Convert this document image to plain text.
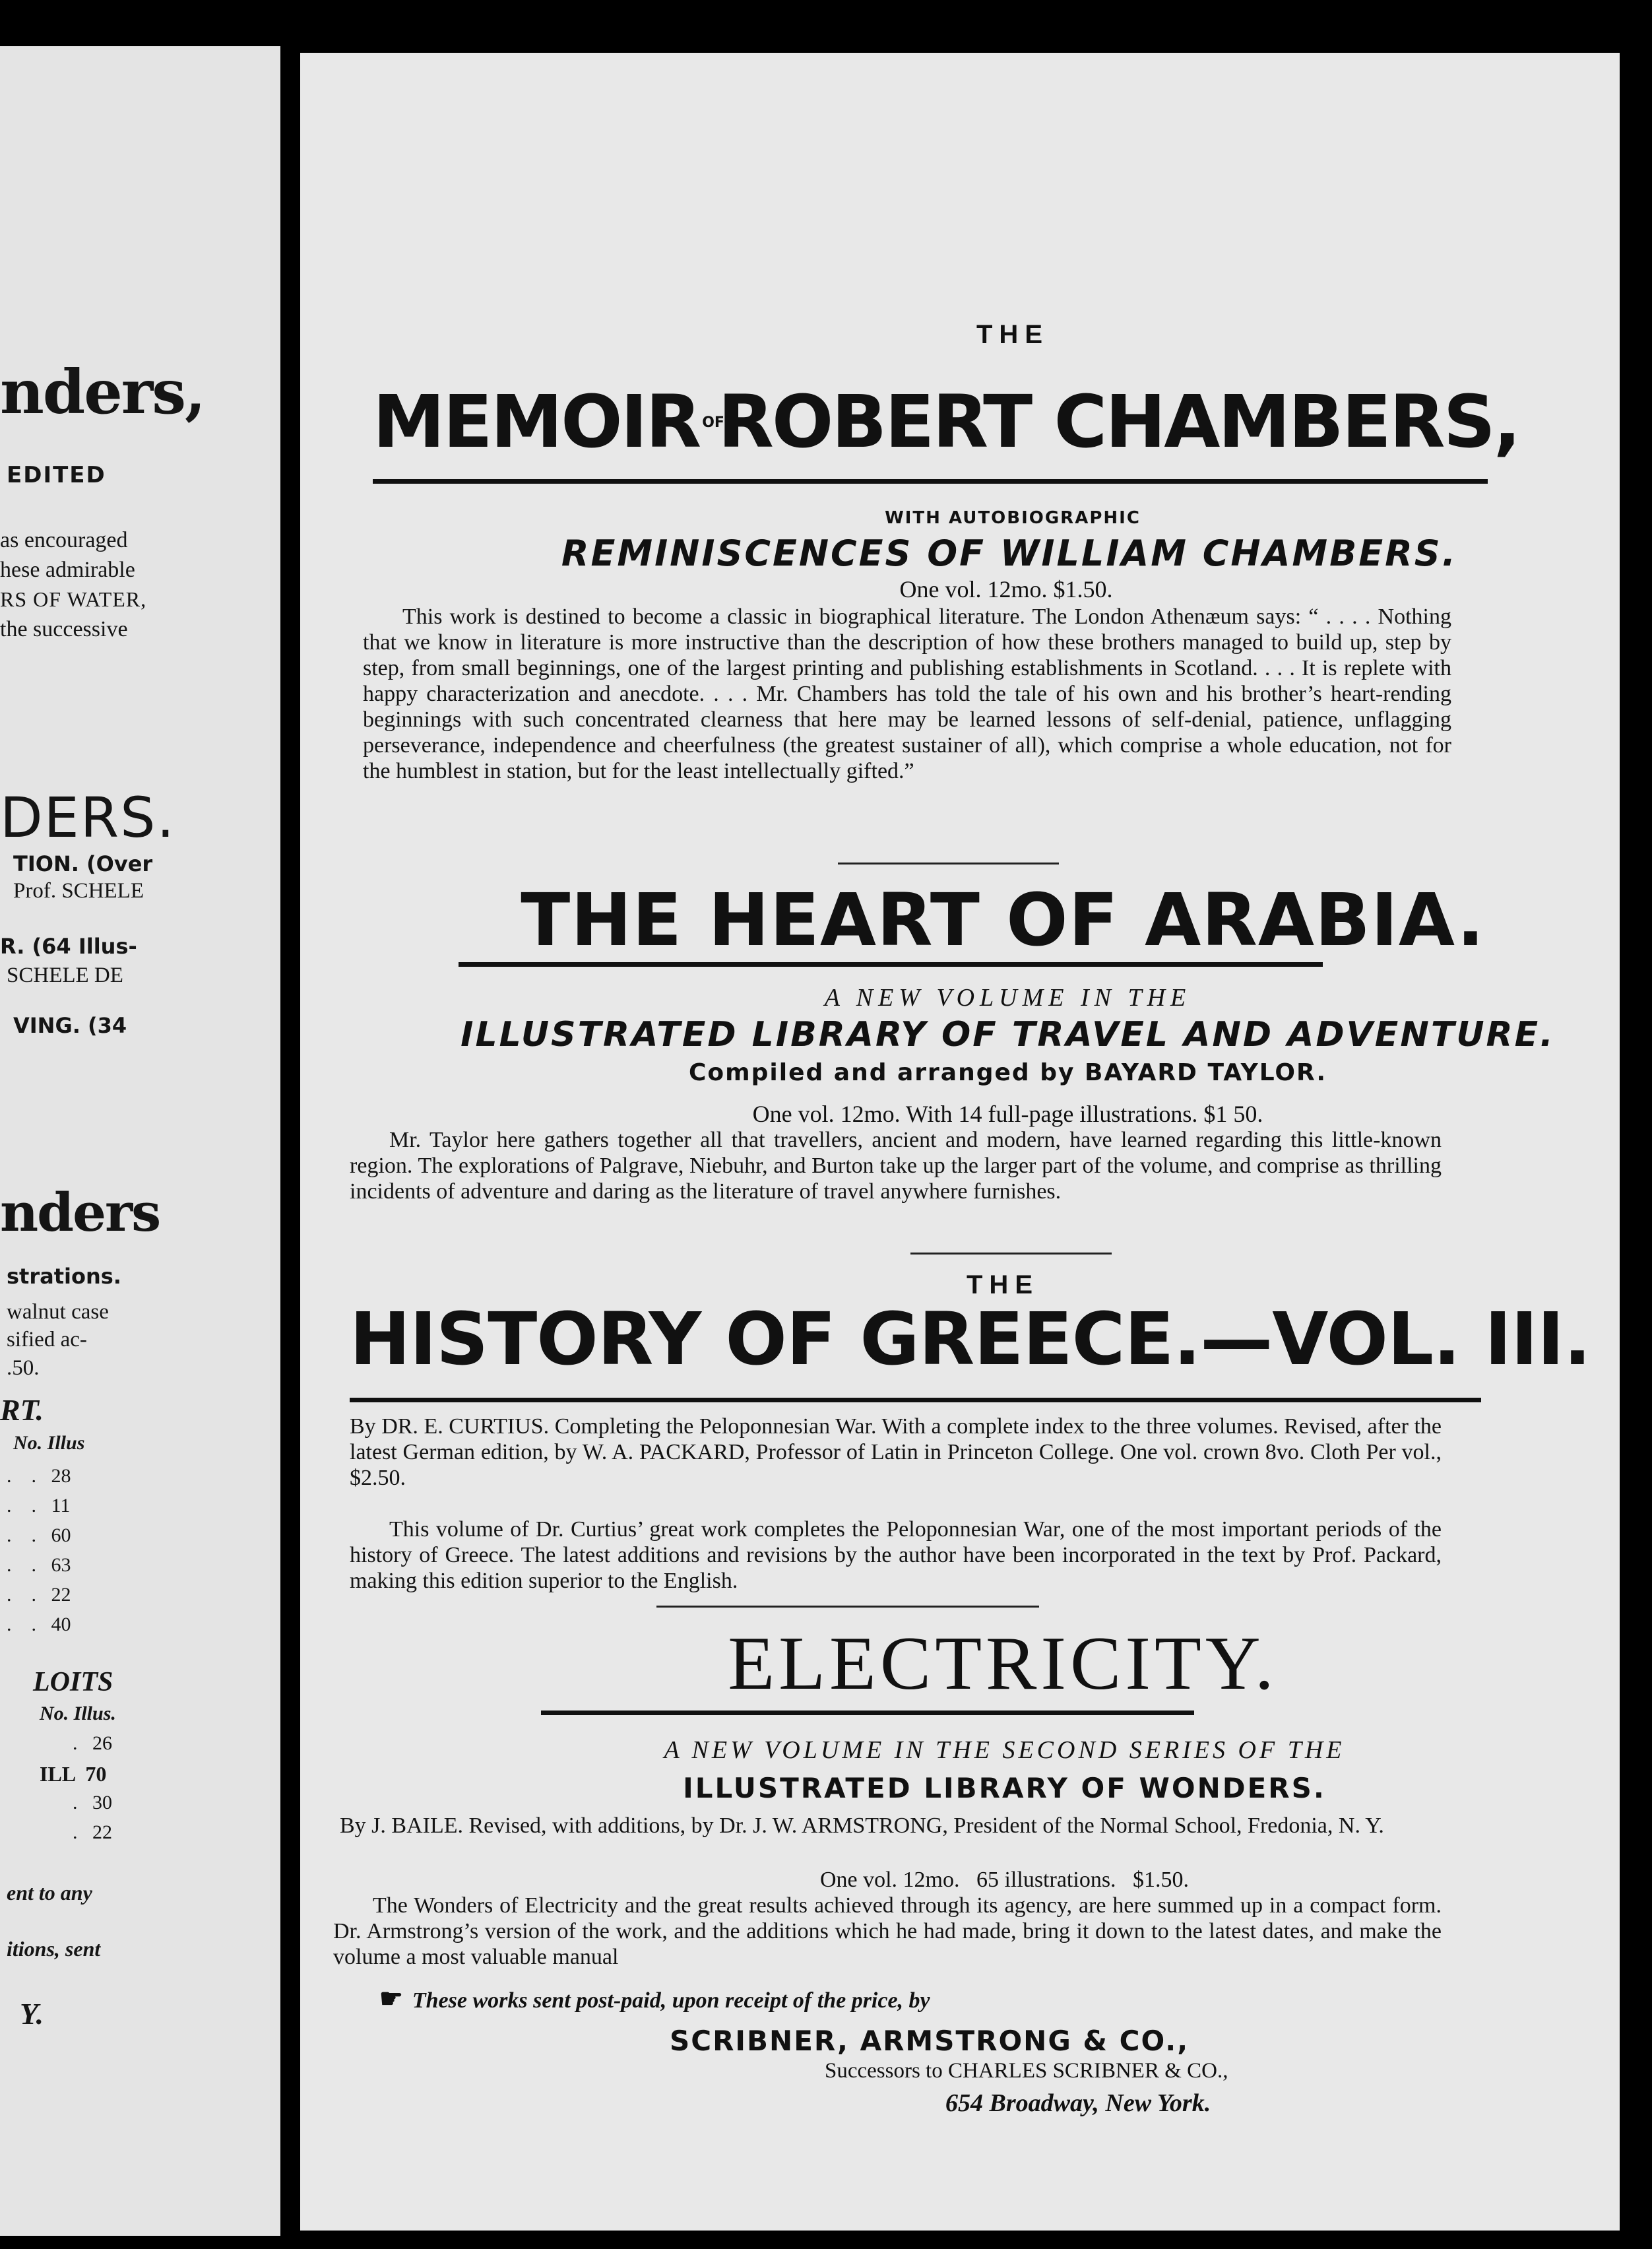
nders,
EDITED
as encouraged
hese admirable
RS OF WATER,
the successive
DERS.
TION. (Over
Prof. SCHELE
R. (64 Illus-
SCHELE DE
VING. (34
nders
strations.
walnut case
sified ac-
.50.
RT.
No. Illus
.    .   28
.    .   11
.    .   60
.    .   63
.    .   22
.    .   40
LOITS
No. Illus.
.   26
ILL  70
.   30
.   22
ent to any
itions, sent
Y.
THE
MEMOIR OF ROBERT CHAMBERS,
WITH AUTOBIOGRAPHIC
REMINISCENCES OF WILLIAM CHAMBERS.
One vol. 12mo. $1.50.

This work is destined to become a classic in biographical literature. The London Athenæum says: “ . . . . Nothing that we know in literature is more instructive than the description of how these brothers managed to build up, step by step, from small beginnings, one of the largest printing and publishing establishments in Scotland. . . . It is replete with happy characterization and anecdote. . . . Mr. Chambers has told the tale of his own and his brother’s heart-rending beginnings with such concentrated clearness that here may be learned lessons of self-denial, patience, unflagging perseverance, independence and cheerfulness (the greatest sustainer of all), which comprise a whole education, not for the humblest in station, but for the least intellectually gifted.”

THE HEART OF ARABIA.
A NEW VOLUME IN THE
ILLUSTRATED LIBRARY OF TRAVEL AND ADVENTURE.
Compiled and arranged by BAYARD TAYLOR.
One vol. 12mo. With 14 full-page illustrations. $1 50.

Mr. Taylor here gathers together all that travellers, ancient and modern, have learned regarding this little-known region. The explorations of Palgrave, Niebuhr, and Burton take up the larger part of the volume, and comprise as thrilling incidents of adventure and daring as the literature of travel anywhere furnishes.

THE
HISTORY OF GREECE.—VOL. III.

By DR. E. CURTIUS. Completing the Peloponnesian War. With a complete index to the three volumes. Revised, after the latest German edition, by W. A. PACKARD, Professor of Latin in Princeton College. One vol. crown 8vo. Cloth Per vol., $2.50.

This volume of Dr. Curtius’ great work completes the Peloponnesian War, one of the most important periods of the history of Greece. The latest additions and revisions by the author have been incorporated in the text by Prof. Packard, making this edition superior to the English.

ELECTRICITY.
A NEW VOLUME IN THE SECOND SERIES OF THE
ILLUSTRATED LIBRARY OF WONDERS.

By J. BAILE. Revised, with additions, by Dr. J. W. ARMSTRONG, President of the Normal School, Fredonia, N. Y.

One vol. 12mo.   65 illustrations.   $1.50.

The Wonders of Electricity and the great results achieved through its agency, are here summed up in a compact form. Dr. Armstrong’s version of the work, and the additions which he had made, bring it down to the latest dates, and make the volume a most valuable manual

☛ These works sent post-paid, upon receipt of the price, by
SCRIBNER, ARMSTRONG & CO.,
Successors to CHARLES SCRIBNER & CO.,
654 Broadway, New York.
